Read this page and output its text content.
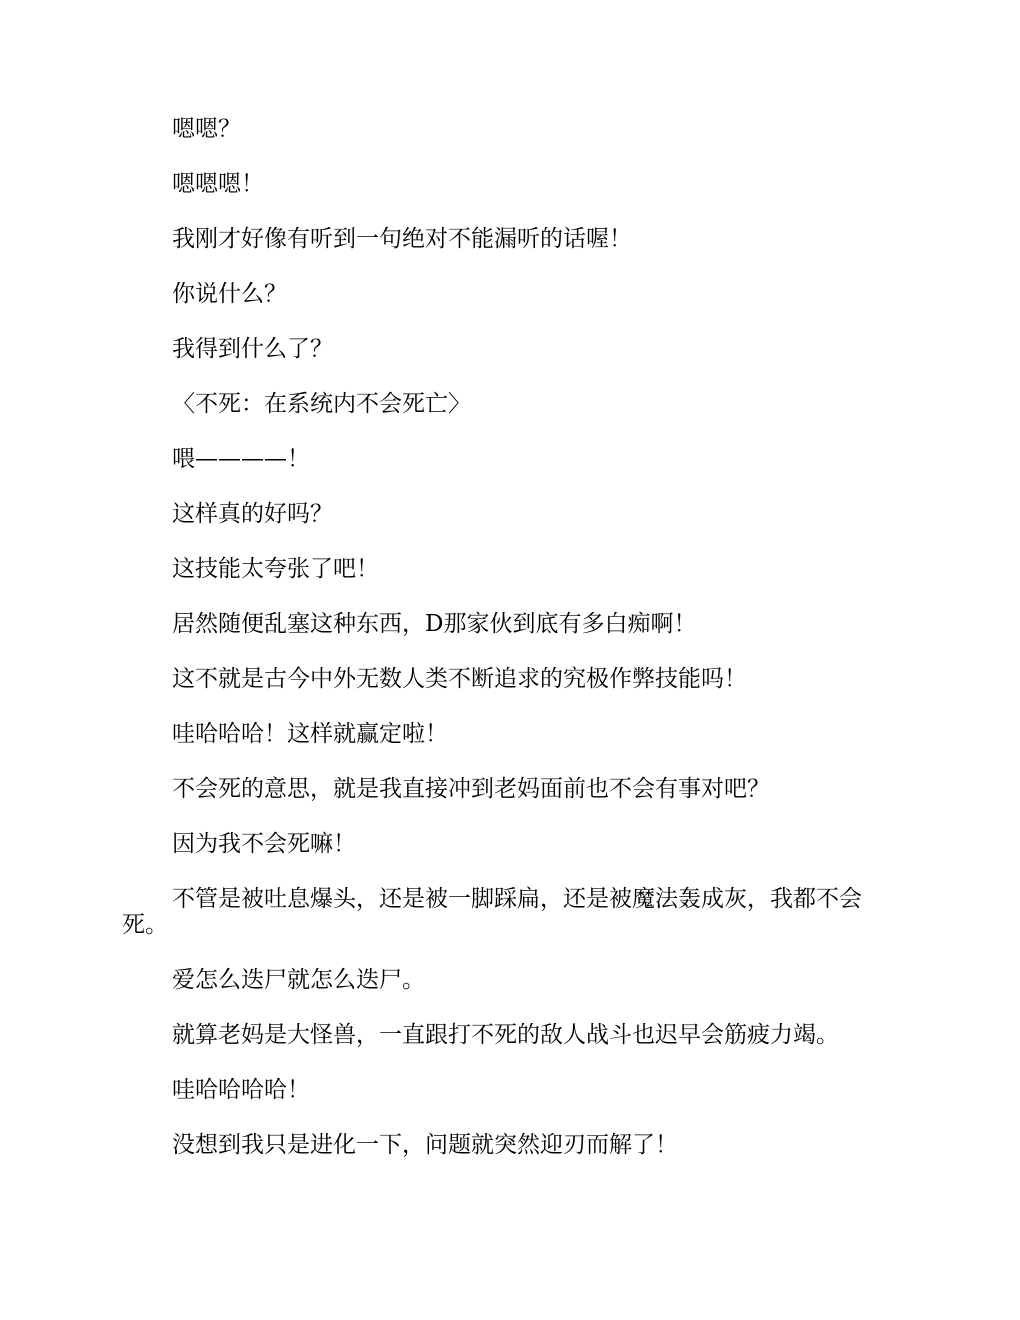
嗯嗯？

嗯嗯嗯！

我刚才好像有听到一句绝对不能漏听的话喔！

你说什么？

我得到什么了？

〈不死：在系统内不会死亡〉

喂————！

这样真的好吗？

这技能太夸张了吧！

居然随便乱塞这种东西，D那家伙到底有多白痴啊！

这不就是古今中外无数人类不断追求的究极作弊技能吗！

哇哈哈哈！这样就赢定啦！

不会死的意思，就是我直接冲到老妈面前也不会有事对吧？

因为我不会死嘛！

不管是被吐息爆头，还是被一脚踩扁，还是被魔法轰成灰，我都不会死。

爱怎么迭尸就怎么迭尸。

就算老妈是大怪兽，一直跟打不死的敌人战斗也迟早会筋疲力竭。

哇哈哈哈哈！

没想到我只是进化一下，问题就突然迎刃而解了！
